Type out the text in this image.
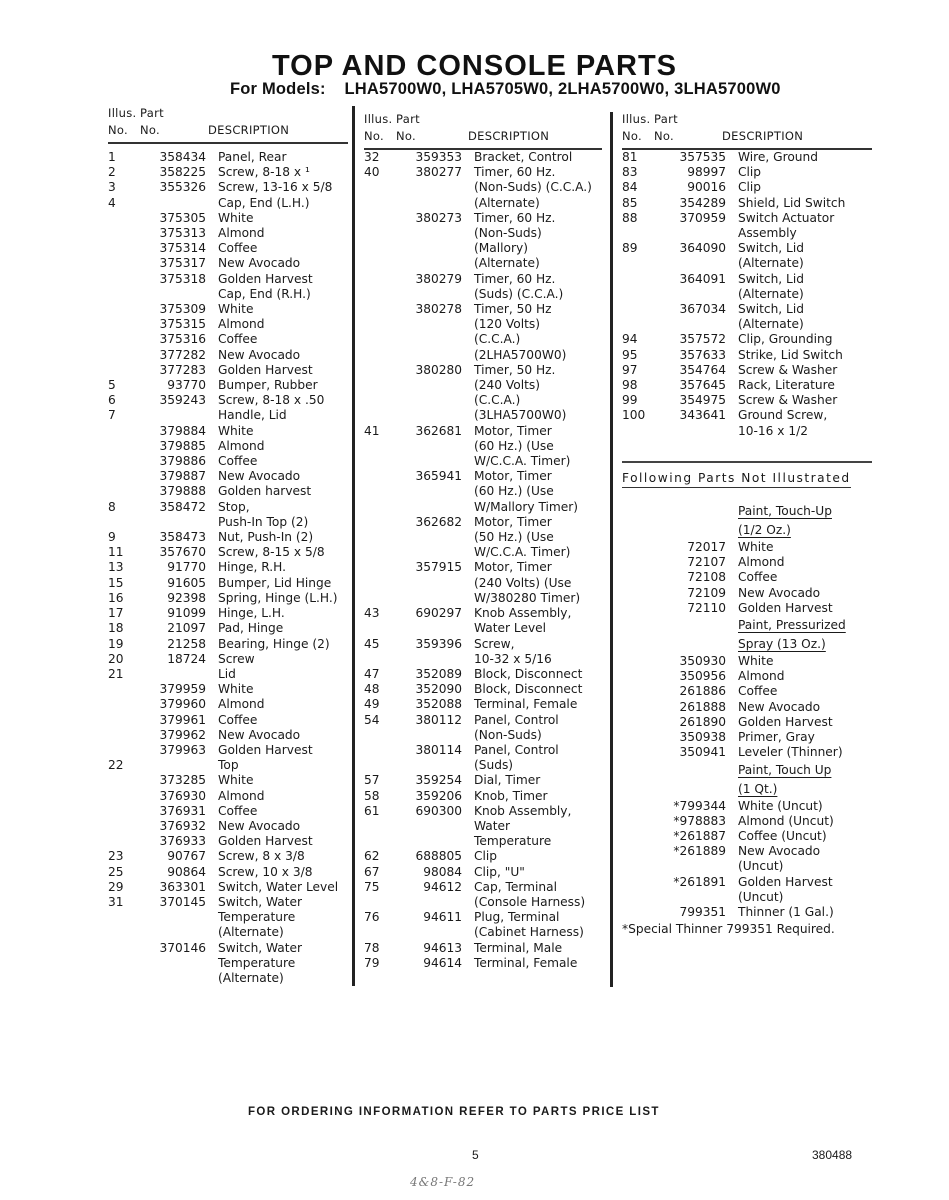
TOP AND CONSOLE PARTS
For Models: LHA5700W0, LHA5705W0, 2LHA5700W0, 3LHA5700W0
Illus. Part
No. No.	DESCRIPTION
1	358434 Panel, Rear
2	358225 Screw, 8-18 x ¹
3	355326 Screw, 13-16 x 5/8
4	Cap, End (L.H.)
375305 White
375313 Almond
375314 Coffee
375317 New Avocado
375318 Golden Harvest
Cap, End (R.H.)
375309 White
375315 Almond
375316 Coffee
377282 New Avocado
377283 Golden Harvest
5	93770 Bumper, Rubber
6	359243 Screw, 8-18 x .50
7	Handle, Lid
379884 White
379885 Almond
379886 Coffee
379887 New Avocado
379888 Golden harvest
8	358472 Stop,
Push-In Top (2)
9	358473 Nut, Push-In (2)
11	357670 Screw, 8-15 x 5/8
13	91770 Hinge, R.H.
15	91605 Bumper, Lid Hinge
16	92398 Spring, Hinge (L.H.)
17	91099 Hinge, L.H.
18	21097 Pad, Hinge
19	21258 Bearing, Hinge (2)
20	18724 Screw
21	Lid
379959 White
379960 Almond
379961 Coffee
379962 New Avocado
379963 Golden Harvest
22	Top
373285 White
376930 Almond
376931 Coffee
376932 New Avocado
376933 Golden Harvest
23	90767 Screw, 8 x 3/8
25	90864 Screw, 10 x 3/8
29	363301 Switch, Water Level
31	370145 Switch, Water
Temperature
(Alternate)
370146 Switch, Water
Temperature
(Alternate)
Illus. Part
No. No.	DESCRIPTION
32	359353 Bracket, Control
40	380277 Timer, 60 Hz.
(Non-Suds) (C.C.A.)
(Alternate)
380273 Timer, 60 Hz.
(Non-Suds)
(Mallory)
(Alternate)
380279 Timer, 60 Hz.
(Suds) (C.C.A.)
380278 Timer, 50 Hz
(120 Volts)
(C.C.A.)
(2LHA5700W0)
380280 Timer, 50 Hz.
(240 Volts)
(C.C.A.)
(3LHA5700W0)
41	362681 Motor, Timer
(60 Hz.) (Use
W/C.C.A. Timer)
365941 Motor, Timer
(60 Hz.) (Use
W/Mallory Timer)
362682 Motor, Timer
(50 Hz.) (Use
W/C.C.A. Timer)
357915 Motor, Timer
(240 Volts) (Use
W/380280 Timer)
43	690297 Knob Assembly,
Water Level
45	359396 Screw,
10-32 x 5/16
47	352089 Block, Disconnect
48	352090 Block, Disconnect
49	352088 Terminal, Female
54	380112 Panel, Control
(Non-Suds)
380114 Panel, Control
(Suds)
57	359254 Dial, Timer
58	359206 Knob, Timer
61	690300 Knob Assembly,
Water
Temperature
62	688805 Clip
67	98084 Clip, "U"
75	94612 Cap, Terminal
(Console Harness)
76	94611 Plug, Terminal
(Cabinet Harness)
78	94613 Terminal, Male
79	94614 Terminal, Female
Illus. Part
No. No.	DESCRIPTION
81	357535 Wire, Ground
83	98997 Clip
84	90016 Clip
85	354289 Shield, Lid Switch
88	370959 Switch Actuator
Assembly
89	364090 Switch, Lid
(Alternate)
364091 Switch, Lid
(Alternate)
367034 Switch, Lid
(Alternate)
94	357572 Clip, Grounding
95	357633 Strike, Lid Switch
97	354764 Screw & Washer
98	357645 Rack, Literature
99	354975 Screw & Washer
100	343641 Ground Screw,
10-16 x 1/2
Following Parts Not Illustrated
Paint, Touch-Up
(1/2 Oz.)
72017 White
72107 Almond
72108 Coffee
72109 New Avocado
72110 Golden Harvest
Paint, Pressurized
Spray (13 Oz.)
350930 White
350956 Almond
261886 Coffee
261888 New Avocado
261890 Golden Harvest
350938 Primer, Gray
350941 Leveler (Thinner)
Paint, Touch Up
(1 Qt.)
*799344 White (Uncut)
*978883 Almond (Uncut)
*261887 Coffee (Uncut)
*261889 New Avocado
(Uncut)
*261891 Golden Harvest
(Uncut)
799351 Thinner (1 Gal.)
*Special Thinner 799351 Required.
FOR ORDERING INFORMATION REFER TO PARTS PRICE LIST
5	380488
4&8-F-82
